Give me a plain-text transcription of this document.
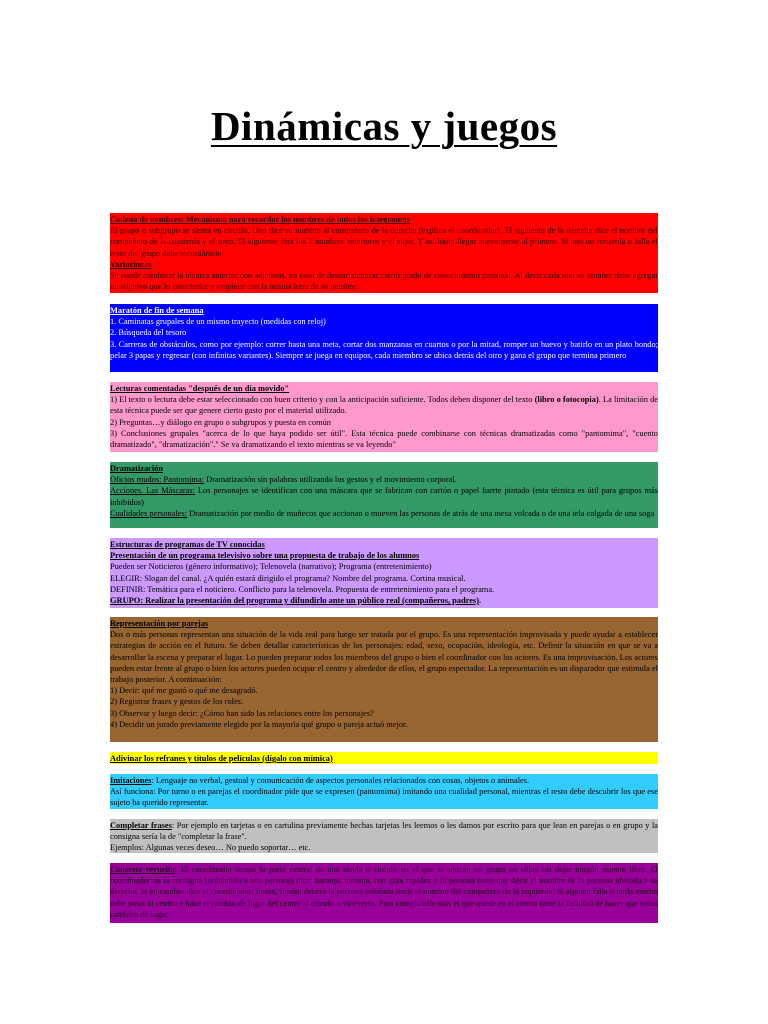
Dinámicas y juegos

Cadena de nombres: Mecanismo para recordar los nombres de todos los integrantes

El grupo o subgrupo se sienta en círculo. Uno dice su nombre al compañero de la derecha (explica el coordinador). El siguiente de la derecha dice el nombre del compañero de la izquierda y el suyo. El siguiente dirá los 3 nombres anteriores y el suyo. Y así hasta llegar nuevamente al primero. Si uno no recuerda o falla el resto del grupo debe recordárselo

Variaciones

Se puede combinar la técnica anterior con adjetivos, en caso de desear alcanzar cierto grado de conocimiento personal. Al decir cada uno su nombre debe agregar un adjetivo que lo caracterice y empiece con la misma letra de su nombre.

Maratón de fin de semana

1. Caminatas grupales de un mismo trayecto (medidas con reloj)

2. Búsqueda del tesoro

3. Carreras de obstáculos, como por ejemplo: correr hasta una meta, cortar dos manzanas en cuartos o por la mitad, romper un huevo y batirlo en un plato hondo; pelar 3 papas y regresar (con infinitas variantes). Siempre se juega en equipos, cada miembro se ubica detrás del otro y gana el grupo que termina primero

Lecturas comentadas "después de un día movido"

1) El texto o lectura debe estar seleccionado con buen criterio y con la anticipación suficiente. Todos deben disponer del texto (libro o fotocopia). La limitación de esta técnica puede ser que genere cierto gasto por el material utilizado.

2) Preguntas…y diálogo en grupo o subgrupos y puesta en común

3) Conclusiones grupales "acerca de lo que haya podido ser útil". Esta técnica puede combinarse con técnicas dramatizadas como "pantomima", "cuento dramatizado", "dramatización"." Se va dramatizando el texto mientras se va leyendo"

Dramatización

Oficios mudos: Pantomima: Dramatización sin palabras utilizando los gestos y el movimiento corporal.

Acciones. Las Máscaras: Los personajes se identifican con una máscara que se fabrican con cartón o papel fuerte pintado (esta técnica es útil para grupos más inhibidos)

Cualidades personales: Dramatización por medio de muñecos que accionan o mueven las personas de atrás de una mesa volcada o de una tela colgada de una soga

Estructuras de programas de TV conocidas

Presentación de un programa televisivo sobre una propuesta de trabajo de los alumnos

Pueden ser Noticieros (género informativo); Telenovela (narrativo); Programa (entretenimiento)

ELEGIR: Slogan del canal. ¿A quién estará dirigido el programa? Nombre del programa. Cortina musical.

DEFINIR: Temática para el noticiero. Conflicto para la telenovela. Propuesta de entretenimiento para el programa.

GRUPO: Realizar la presentación del programa y difundirlo ante un público real (compañeros, padres).

Representación por parejas

Dos o más personas representan una situación de la vida real para luego ser tratada por el grupo. Es una representación improvisada y puede ayudar a establecer estrategias de acción en el futuro. Se deben detallar características de los personajes: edad, sexo, ocupación, ideología, etc. Definir la situación en que se va a desarrollar la escena y preparar el lugar. Lo pueden preparar todos los miembros del grupo o bien el coordinador con los actores. Es una improvisación. Los actores pueden estar frente al grupo o bien los actores pueden ocupar el centro y alrededor de ellos, el grupo espectador. La representación es un disparador que estimula el trabajo posterior. A continuación:

1) Decir: qué me gustó o qué me desagradó.

2) Registrar frases y gestos de los roles.

3) Observar y luego decir: ¿Cómo han sido las relaciones entre los personajes?

4) Decidir un jurado previamente elegido por la mayoría qué grupo o pareja actuó mejor.

Adivinar los refranes y títulos de películas (dígalo con mímica)

Imitaciones: Lenguaje no verbal, gestual y comunicación de aspectos personales relacionados con cosas, objetos o animales.

Así funciona: Por turno o en parejas el coordinador pide que se expresen (pantomima) imitando una cualidad personal, mientras el resto debe descubrir los que ese sujeto ha querido representar.

Completar frases: Por ejemplo en tarjetas o en cartulina previamente hechas tarjetas les leemos o les damos por escrito para que lean en parejas o en grupo y la consigna sería la de "completar la frase".

Ejemplos: Algunas veces deseo… No puedo soportar… etc.

Consesta revuelta: El coordinador ocupa la parte central de una ronda o círculo en el que se ubican un grupo en sillas sin dejar ningún asiento libre. El coordinador da la consigna (señalando a una persona) dice: naranja, naranja, con gran rapidez y la persona tiene que decir el nombre de la persona ubicada a su derecha. Si en cambio dice el coordinador: limón, limón; deberá la persona señalada decir el nombre del compañero de la izquierda. Si alguien falla o tarda mucho debe pasar al centro y hace el cambio de lugar del centro al círculo o viceversa. Para complicarlo más el que quede en el centro tiene la facultad de hacer que todos cambien de lugar
